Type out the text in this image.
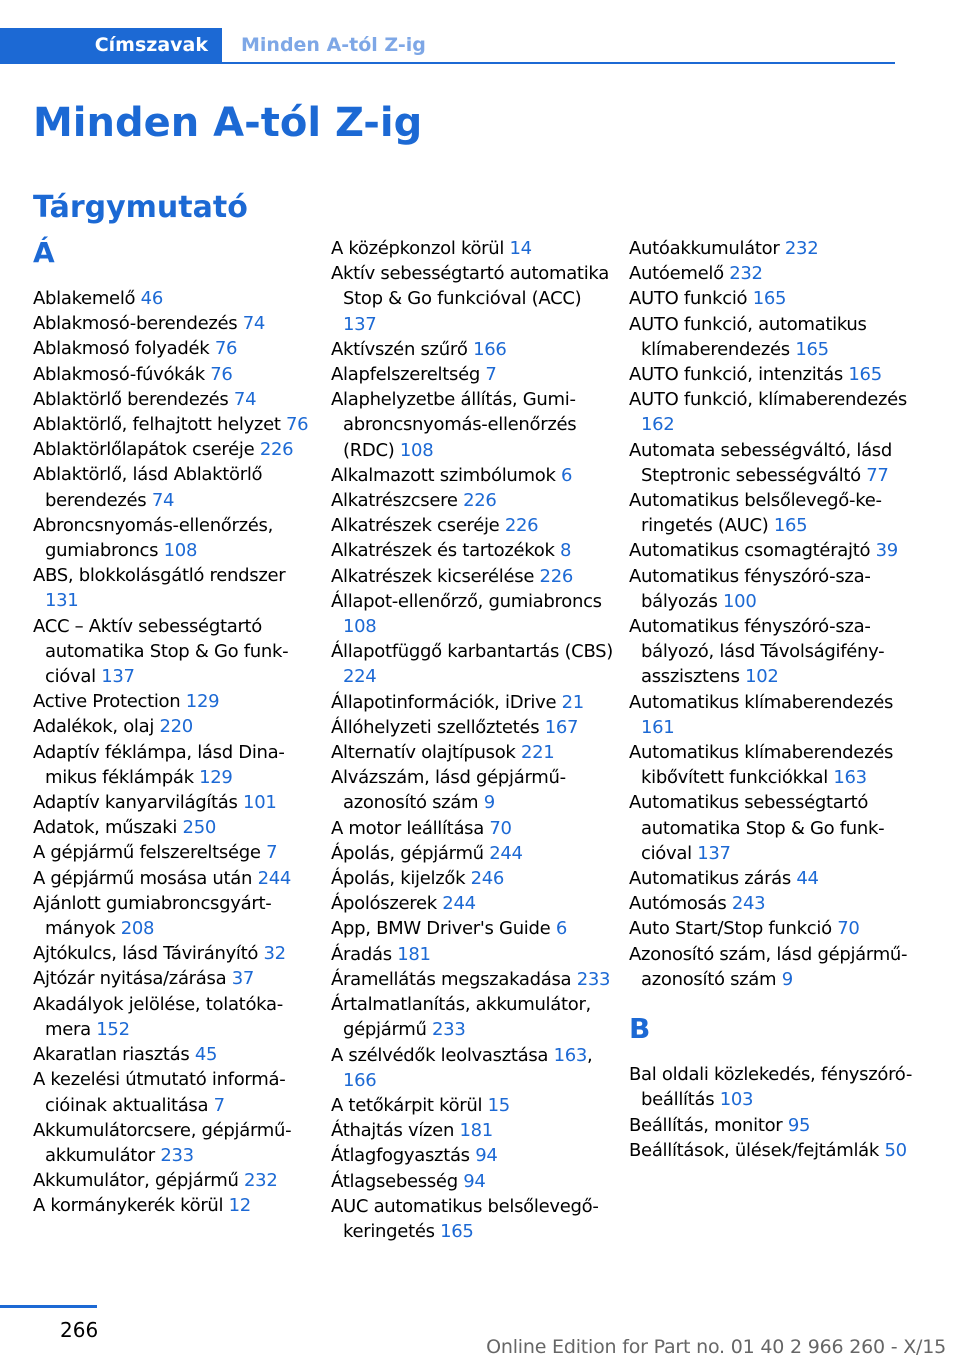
Címszavak	Minden A-tól Z-ig
Minden A-tól Z-ig
Tárgymutató
Á
Ablakemelő 46
Ablakmosó-berendezés 74
Ablakmosó folyadék 76
Ablakmosó-fúvókák 76
Ablaktörlő berendezés 74
Ablaktörlő, felhajtott helyzet 76
Ablaktörlőlapátok cseréje 226
Ablaktörlő, lásd Ablaktörlő berendezés 74
Abroncsnyomás-ellenőrzés, gumiabroncs 108
ABS, blokkolásgátló rendszer 131
ACC – Aktív sebességtartó automatika Stop & Go funkcióval 137
Active Protection 129
Adalékok, olaj 220
Adaptív féklámpa, lásd Dinamikus féklámpák 129
Adaptív kanyarvilágítás 101
Adatok, műszaki 250
A gépjármű felszereltsége 7
A gépjármű mosása után 244
Ajánlott gumiabroncsgyártmányok 208
Ajtókulcs, lásd Távirányító 32
Ajtózár nyitása/zárása 37
Akadályok jelölése, tolatókamera 152
Akaratlan riasztás 45
A kezelési útmutató információinak aktualitása 7
Akkumulátorcsere, gépjárműakkumulátor 233
Akkumulátor, gépjármű 232
A kormánykerék körül 12
A középkonzol körül 14
Aktív sebességtartó automatika Stop & Go funkcióval (ACC) 137
Aktívszén szűrő 166
Alapfelszereltség 7
Alaphelyzetbe állítás, Gumiabroncsnyomás-ellenőrzés (RDC) 108
Alkalmazott szimbólumok 6
Alkatrészcsere 226
Alkatrészek cseréje 226
Alkatrészek és tartozékok 8
Alkatrészek kicserélése 226
Állapot-ellenőrző, gumiabroncs 108
Állapotfüggő karbantartás (CBS) 224
Állapotinformációk, iDrive 21
Állóhelyzeti szellőztetés 167
Alternatív olajtípusok 221
Alvázszám, lásd gépjármű-azonosító szám 9
A motor leállítása 70
Ápolás, gépjármű 244
Ápolás, kijelzők 246
Ápolószerek 244
App, BMW Driver's Guide 6
Áradás 181
Áramellátás megszakadása 233
Ártalmatlanítás, akkumulátor, gépjármű 233
A szélvédők leolvasztása 163, 166
A tetőkárpit körül 15
Áthajtás vízen 181
Átlagfogyasztás 94
Átlagsebesség 94
AUC automatikus belsőlevegő-keringetés 165
Autóakkumulátor 232
Autóemelő 232
AUTO funkció 165
AUTO funkció, automatikus klímaberendezés 165
AUTO funkció, intenzitás 165
AUTO funkció, klímaberendezés 162
Automata sebességváltó, lásd Steptronic sebességváltó 77
Automatikus belsőlevegő-keringetés (AUC) 165
Automatikus csomagtérajtó 39
Automatikus fényszóró-szabályozás 100
Automatikus fényszóró-szabályozó, lásd Távolságifény-asszisztens 102
Automatikus klímaberendezés 161
Automatikus klímaberendezés kibővített funkciókkal 163
Automatikus sebességtartó automatika Stop & Go funkcióval 137
Automatikus zárás 44
Autómosás 243
Auto Start/Stop funkció 70
Azonosító szám, lásd gépjármű-azonosító szám 9
B
Bal oldali közlekedés, fényszóró-beállítás 103
Beállítás, monitor 95
Beállítások, ülések/fejtámlák 50
266
Online Edition for Part no. 01 40 2 966 260 - X/15
